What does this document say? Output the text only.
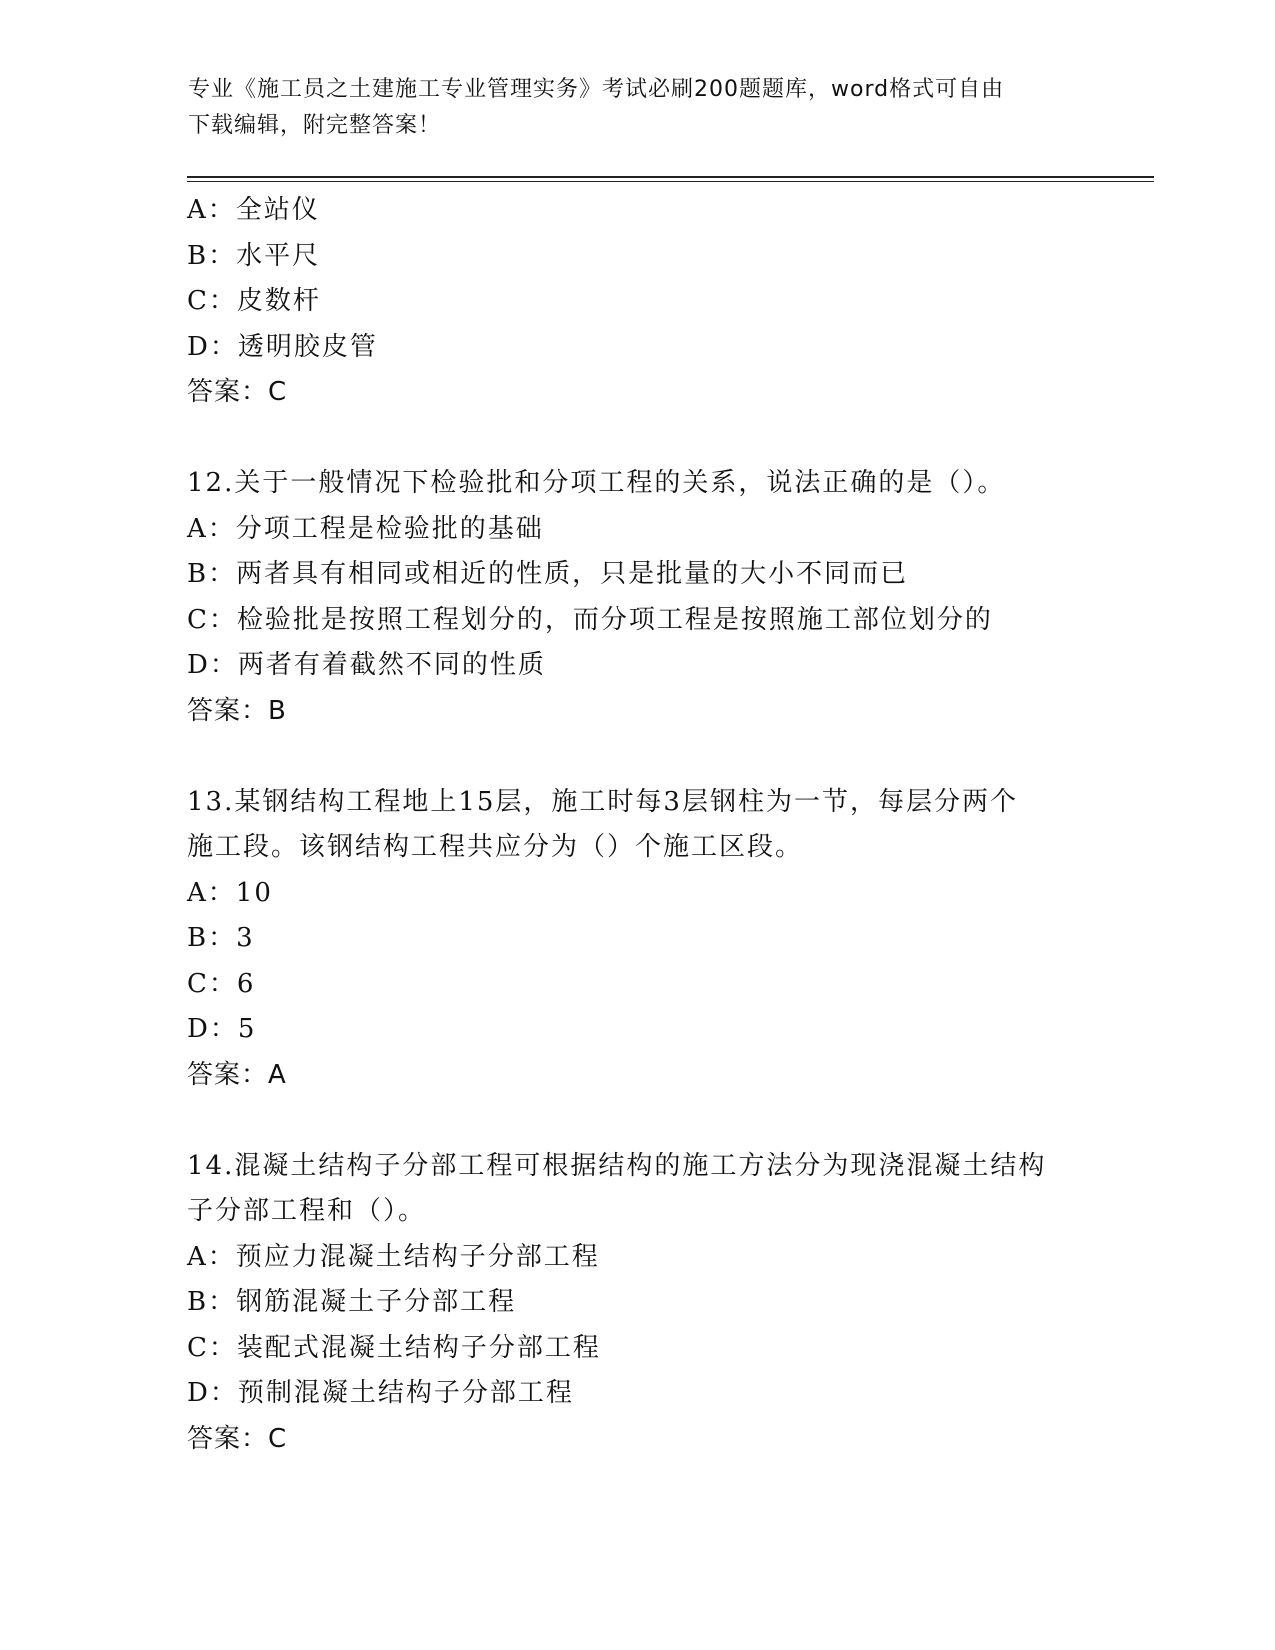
专业《施工员之土建施工专业管理实务》考试必刷200题题库，word格式可自由
下载编辑，附完整答案！
A：全站仪
B：水平尺
C：皮数杆
D：透明胶皮管
答案：C
12.关于一般情况下检验批和分项工程的关系，说法正确的是（）。
A：分项工程是检验批的基础
B：两者具有相同或相近的性质，只是批量的大小不同而已
C：检验批是按照工程划分的，而分项工程是按照施工部位划分的
D：两者有着截然不同的性质
答案：B
13.某钢结构工程地上15层，施工时每3层钢柱为一节，每层分两个
施工段。该钢结构工程共应分为（）个施工区段。
A：10
B：3
C：6
D：5
答案：A
14.混凝土结构子分部工程可根据结构的施工方法分为现浇混凝土结构
子分部工程和（）。
A：预应力混凝土结构子分部工程
B：钢筋混凝土子分部工程
C：装配式混凝土结构子分部工程
D：预制混凝土结构子分部工程
答案：C
